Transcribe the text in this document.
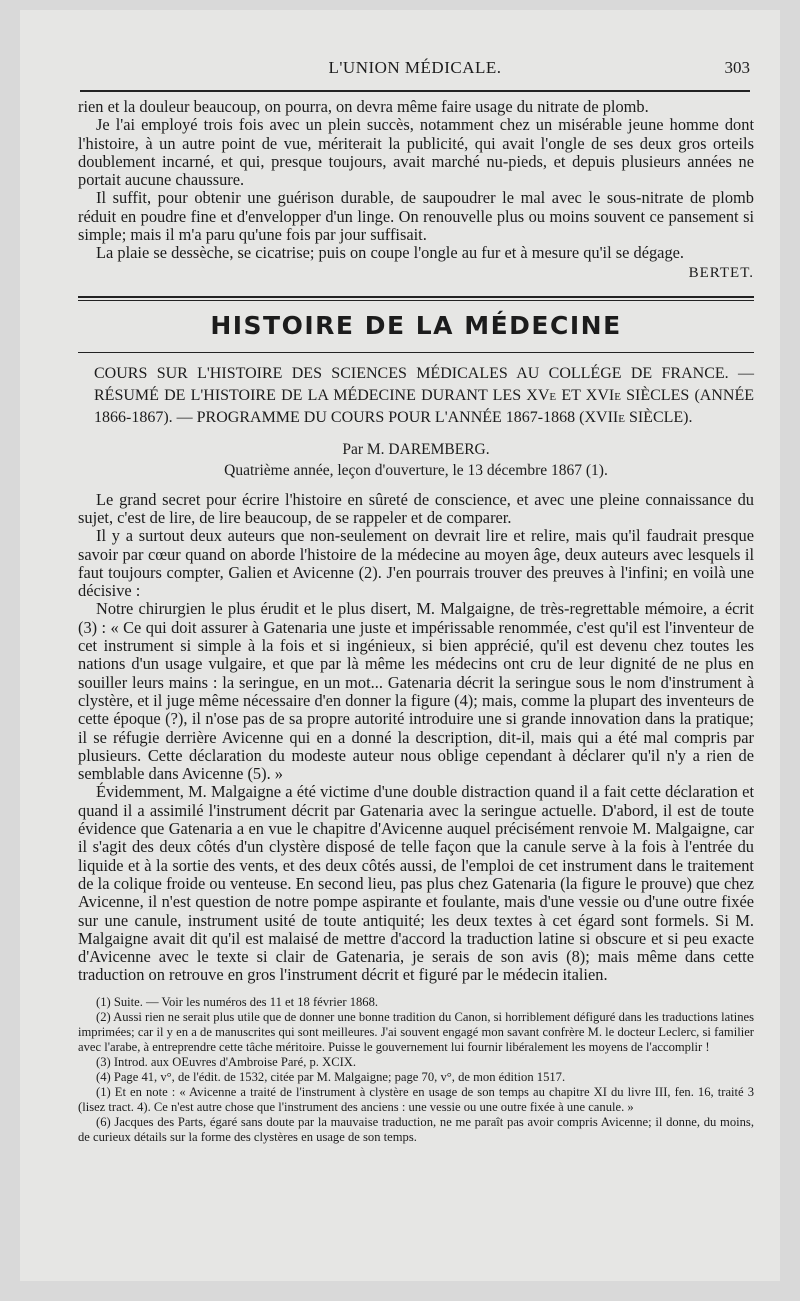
L'UNION MÉDICALE.	303

rien et la douleur beaucoup, on pourra, on devra même faire usage du nitrate de plomb.

Je l'ai employé trois fois avec un plein succès, notamment chez un misérable jeune homme dont l'histoire, à un autre point de vue, mériterait la publicité, qui avait l'ongle de ses deux gros orteils doublement incarné, et qui, presque toujours, avait marché nu-pieds, et depuis plusieurs années ne portait aucune chaussure.

Il suffit, pour obtenir une guérison durable, de saupoudrer le mal avec le sous-nitrate de plomb réduit en poudre fine et d'envelopper d'un linge. On renouvelle plus ou moins souvent ce pansement si simple; mais il m'a paru qu'une fois par jour suffisait.

La plaie se dessèche, se cicatrise; puis on coupe l'ongle au fur et à mesure qu'il se dégage.

BERTET.
HISTOIRE DE LA MÉDECINE
COURS SUR L'HISTOIRE DES SCIENCES MÉDICALES AU COLLÉGE DE FRANCE. — RÉSUMÉ DE L'HISTOIRE DE LA MÉDECINE DURANT LES XVe ET XVIe SIÈCLES (ANNÉE 1866-1867). — PROGRAMME DU COURS POUR L'ANNÉE 1867-1868 (XVIIe SIÈCLE).
Par M. DAREMBERG.
Quatrième année, leçon d'ouverture, le 13 décembre 1867 (1).

Le grand secret pour écrire l'histoire en sûreté de conscience, et avec une pleine connaissance du sujet, c'est de lire, de lire beaucoup, de se rappeler et de comparer.

Il y a surtout deux auteurs que non-seulement on devrait lire et relire, mais qu'il faudrait presque savoir par cœur quand on aborde l'histoire de la médecine au moyen âge, deux auteurs avec lesquels il faut toujours compter, Galien et Avicenne (2). J'en pourrais trouver des preuves à l'infini; en voilà une décisive :

Notre chirurgien le plus érudit et le plus disert, M. Malgaigne, de très-regrettable mémoire, a écrit (3) : « Ce qui doit assurer à Gatenaria une juste et impérissable renommée, c'est qu'il est l'inventeur de cet instrument si simple à la fois et si ingénieux, si bien apprécié, qu'il est devenu chez toutes les nations d'un usage vulgaire, et que par là même les médecins ont cru de leur dignité de ne plus en souiller leurs mains : la seringue, en un mot... Gatenaria décrit la seringue sous le nom d'instrument à clystère, et il juge même nécessaire d'en donner la figure (4); mais, comme la plupart des inventeurs de cette époque (?), il n'ose pas de sa propre autorité introduire une si grande innovation dans la pratique; il se réfugie derrière Avicenne qui en a donné la description, dit-il, mais qui a été mal compris par plusieurs. Cette déclaration du modeste auteur nous oblige cependant à déclarer qu'il n'y a rien de semblable dans Avicenne (5). »

Évidemment, M. Malgaigne a été victime d'une double distraction quand il a fait cette déclaration et quand il a assimilé l'instrument décrit par Gatenaria avec la seringue actuelle. D'abord, il est de toute évidence que Gatenaria a en vue le chapitre d'Avicenne auquel précisément renvoie M. Malgaigne, car il s'agit des deux côtés d'un clystère disposé de telle façon que la canule serve à la fois à l'entrée du liquide et à la sortie des vents, et des deux côtés aussi, de l'emploi de cet instrument dans le traitement de la colique froide ou venteuse. En second lieu, pas plus chez Gatenaria (la figure le prouve) que chez Avicenne, il n'est question de notre pompe aspirante et foulante, mais d'une vessie ou d'une outre fixée sur une canule, instrument usité de toute antiquité; les deux textes à cet égard sont formels. Si M. Malgaigne avait dit qu'il est malaisé de mettre d'accord la traduction latine si obscure et si peu exacte d'Avicenne avec le texte si clair de Gatenaria, je serais de son avis (8); mais même dans cette traduction on retrouve en gros l'instrument décrit et figuré par le médecin italien.

(1) Suite. — Voir les numéros des 11 et 18 février 1868.

(2) Aussi rien ne serait plus utile que de donner une bonne tradition du Canon, si horriblement défiguré dans les traductions latines imprimées; car il y en a de manuscrites qui sont meilleures. J'ai souvent engagé mon savant confrère M. le docteur Leclerc, si familier avec l'arabe, à entreprendre cette tâche méritoire. Puisse le gouvernement lui fournir libéralement les moyens de l'accomplir !

(3) Introd. aux OEuvres d'Ambroise Paré, p. XCIX.

(4) Page 41, v°, de l'édit. de 1532, citée par M. Malgaigne; page 70, v°, de mon édition 1517.

(1) Et en note : « Avicenne a traité de l'instrument à clystère en usage de son temps au chapitre XI du livre III, fen. 16, traité 3 (lisez tract. 4). Ce n'est autre chose que l'instrument des anciens : une vessie ou une outre fixée à une canule. »

(6) Jacques des Parts, égaré sans doute par la mauvaise traduction, ne me paraît pas avoir compris Avicenne; il donne, du moins, de curieux détails sur la forme des clystères en usage de son temps.
